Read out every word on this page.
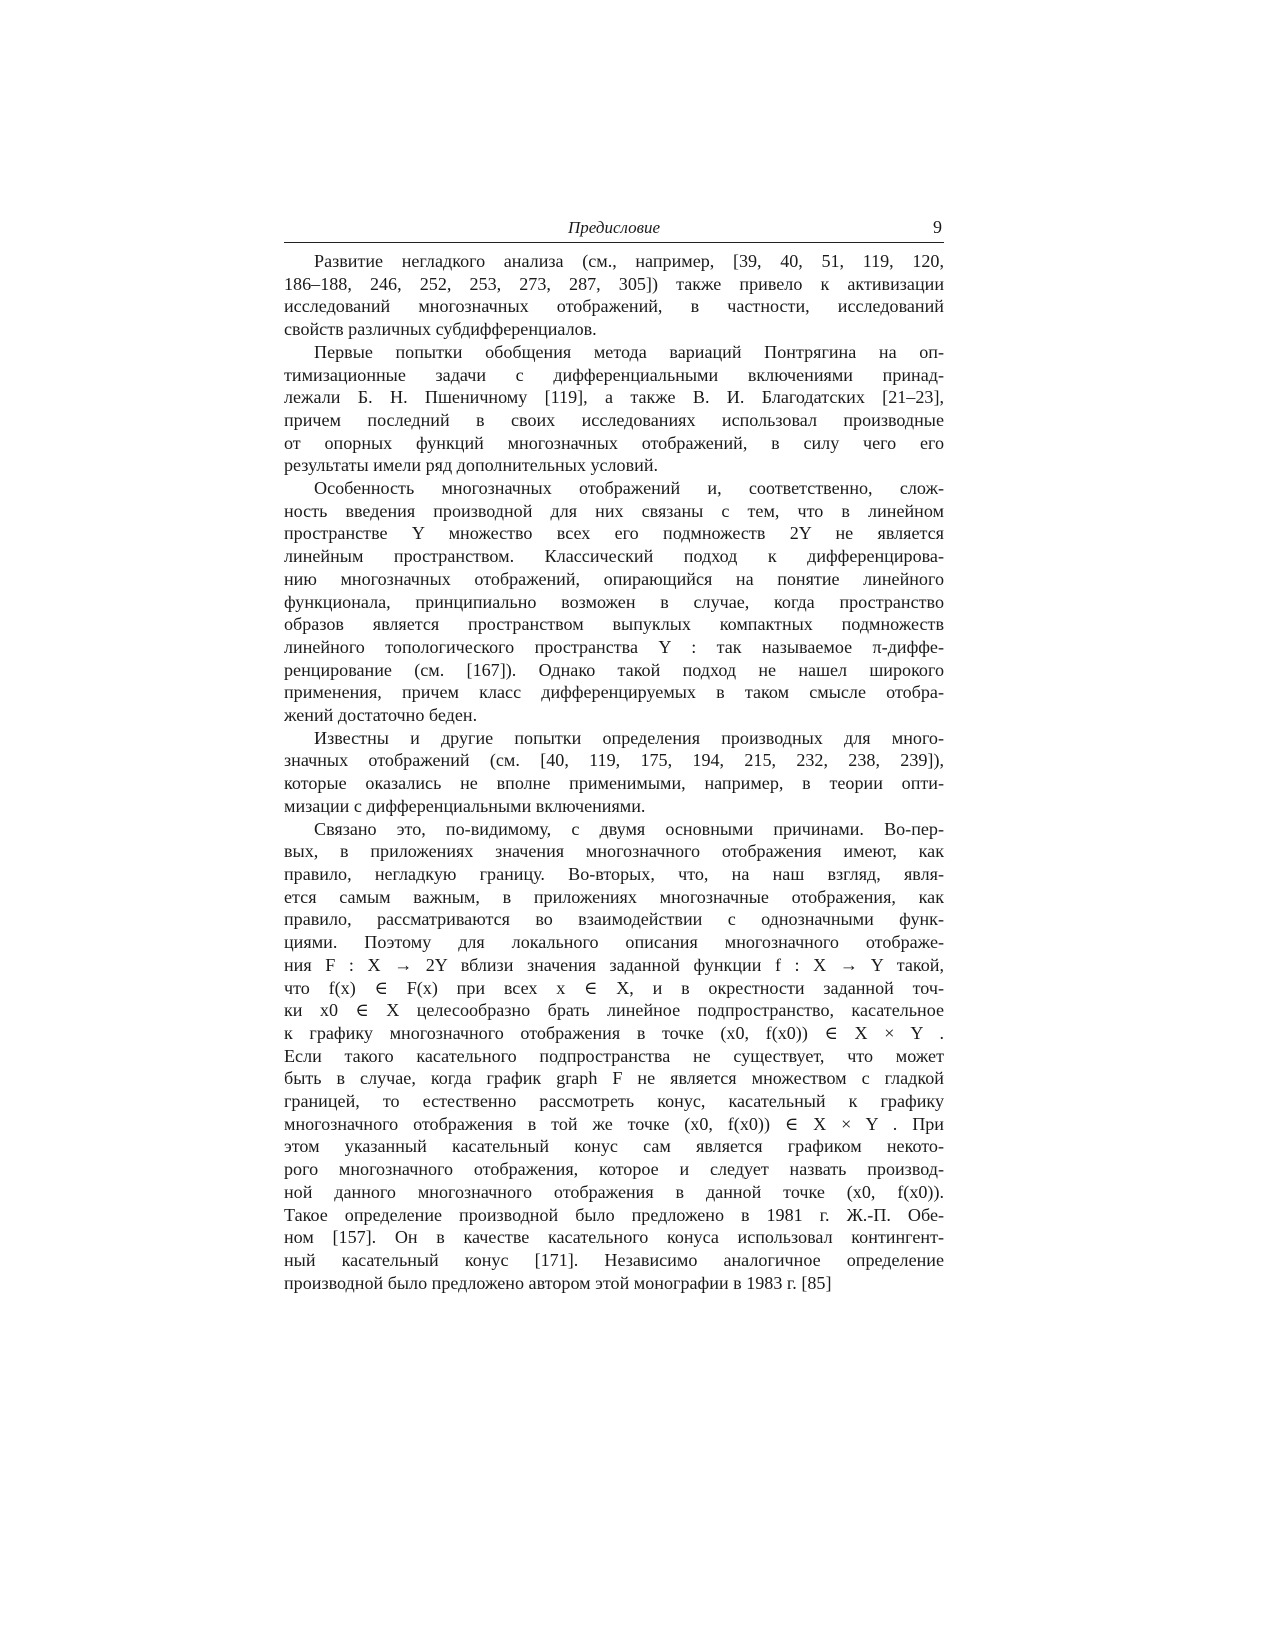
Предисловие	9

Развитие негладкого анализа (см., например, [39, 40, 51, 119, 120,
186–188, 246, 252, 253, 273, 287, 305]) также привело к активизации
исследований многозначных отображений, в частности, исследований
свойств различных субдифференциалов.

Первые попытки обобщения метода вариаций Понтрягина на оп-
тимизационные задачи с дифференциальными включениями принад-
лежали Б. Н. Пшеничному [119], а также В. И. Благодатских [21–23],
причем последний в своих исследованиях использовал производные
от опорных функций многозначных отображений, в силу чего его
результаты имели ряд дополнительных условий.

Особенность многозначных отображений и, соответственно, слож-
ность введения производной для них связаны с тем, что в линейном
пространстве Y множество всех его подмножеств 2Y не является
линейным пространством. Классический подход к дифференцирова-
нию многозначных отображений, опирающийся на понятие линейного
функционала, принципиально возможен в случае, когда пространство
образов является пространством выпуклых компактных подмножеств
линейного топологического пространства Y : так называемое π-диффе-
ренцирование (см. [167]). Однако такой подход не нашел широкого
применения, причем класс дифференцируемых в таком смысле отобра-
жений достаточно беден.

Известны и другие попытки определения производных для много-
значных отображений (см. [40, 119, 175, 194, 215, 232, 238, 239]),
которые оказались не вполне применимыми, например, в теории опти-
мизации с дифференциальными включениями.

Связано это, по-видимому, с двумя основными причинами. Во-пер-
вых, в приложениях значения многозначного отображения имеют, как
правило, негладкую границу. Во-вторых, что, на наш взгляд, явля-
ется самым важным, в приложениях многозначные отображения, как
правило, рассматриваются во взаимодействии с однозначными функ-
циями. Поэтому для локального описания многозначного отображе-
ния F : X → 2Y вблизи значения заданной функции f : X → Y такой,
что f(x) ∈ F(x) при всех x ∈ X, и в окрестности заданной точ-
ки x0 ∈ X целесообразно брать линейное подпространство, касательное
к графику многозначного отображения в точке (x0, f(x0)) ∈ X × Y .
Если такого касательного подпространства не существует, что может
быть в случае, когда график graph F не является множеством с гладкой
границей, то естественно рассмотреть конус, касательный к графику
многозначного отображения в той же точке (x0, f(x0)) ∈ X × Y . При
этом указанный касательный конус сам является графиком некото-
рого многозначного отображения, которое и следует назвать производ-
ной данного многозначного отображения в данной точке (x0, f(x0)).
Такое определение производной было предложено в 1981 г. Ж.-П. Обе-
ном [157]. Он в качестве касательного конуса использовал контингент-
ный касательный конус [171]. Независимо аналогичное определение
производной было предложено автором этой монографии в 1983 г. [85]
